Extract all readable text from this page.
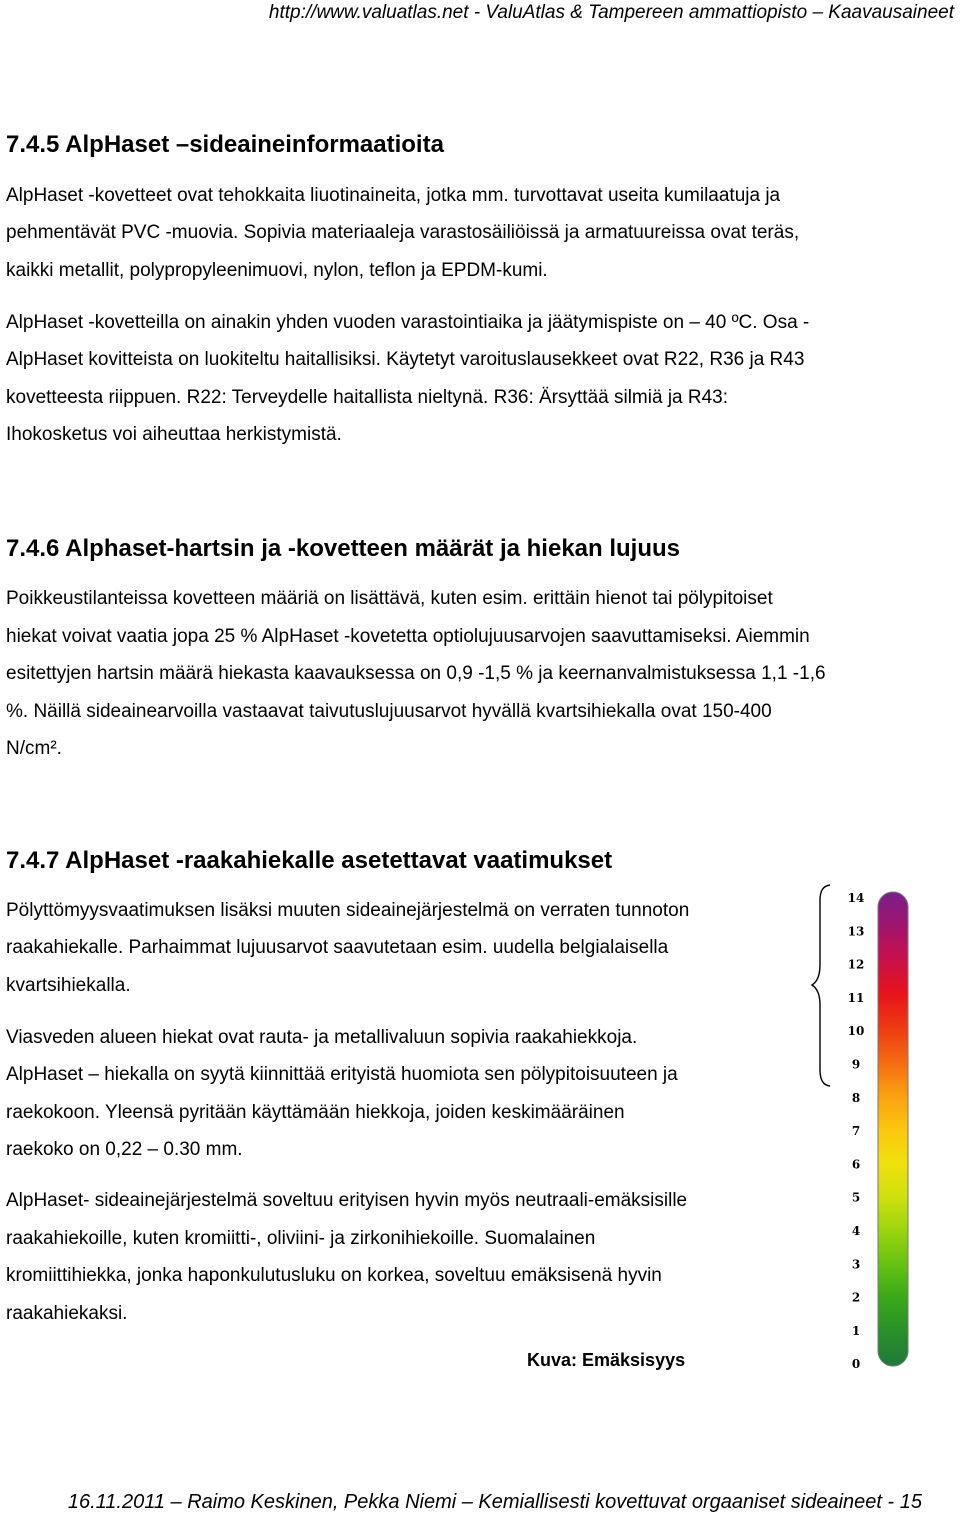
http://www.valuatlas.net - ValuAtlas & Tampereen ammattiopisto – Kaavausaineet
7.4.5 AlpHaset –sideaineinformaatioita
AlpHaset -kovetteet ovat tehokkaita liuotinaineita, jotka mm. turvottavat useita kumilaatuja ja
pehmentävät PVC -muovia. Sopivia materiaaleja varastosäiliöissä ja armatuureissa ovat teräs,
kaikki metallit, polypropyleenimuovi, nylon, teflon ja EPDM-kumi.
AlpHaset -kovetteilla on ainakin yhden vuoden varastointiaika ja jäätymispiste on – 40 ºC. Osa -
AlpHaset kovitteista on luokiteltu haitallisiksi. Käytetyt varoituslausekkeet ovat R22, R36 ja R43
kovetteesta riippuen. R22: Terveydelle haitallista nieltynä. R36: Ärsyttää silmiä ja R43:
Ihokosketus voi aiheuttaa herkistymistä.
7.4.6 Alphaset-hartsin ja -kovetteen määrät ja hiekan lujuus
Poikkeustilanteissa kovetteen määriä on lisättävä, kuten esim. erittäin hienot tai pölypitoiset
hiekat voivat vaatia jopa 25 % AlpHaset -kovetetta optiolujuusarvojen saavuttamiseksi. Aiemmin
esitettyjen hartsin määrä hiekasta kaavauksessa on 0,9 -1,5 % ja keernanvalmistuksessa 1,1 -1,6
%. Näillä sideainearvoilla vastaavat taivutuslujuusarvot hyvällä kvartsihiekalla ovat 150-400
N/cm².
7.4.7 AlpHaset -raakahiekalle asetettavat vaatimukset
Pölyttömyysvaatimuksen lisäksi muuten sideainejärjestelmä on verraten tunnoton
raakahiekalle. Parhaimmat lujuusarvot saavutetaan esim. uudella belgialaisella
kvartsihiekalla.
Viasveden alueen hiekat ovat rauta- ja metallivaluun sopivia raakahiekkoja.
AlpHaset – hiekalla on syytä kiinnittää erityistä huomiota sen pölypitoisuuteen ja
raekokoon. Yleensä pyritään käyttämään hiekkoja, joiden keskimääräinen
raekoko on 0,22 – 0.30 mm.
AlpHaset- sideainejärjestelmä soveltuu erityisen hyvin myös neutraali-emäksisille
raakahiekoille, kuten kromiitti-, oliviini- ja zirkonihiekoille. Suomalainen
kromiittihiekka, jonka haponkulutusluku on korkea, soveltuu emäksisenä hyvin
raakahiekaksi.
14
13
12
11
10
9
8
7
6
5
4
3
2
1
0
Kuva: Emäksisyys
16.11.2011 – Raimo Keskinen, Pekka Niemi – Kemiallisesti kovettuvat orgaaniset sideaineet - 15
